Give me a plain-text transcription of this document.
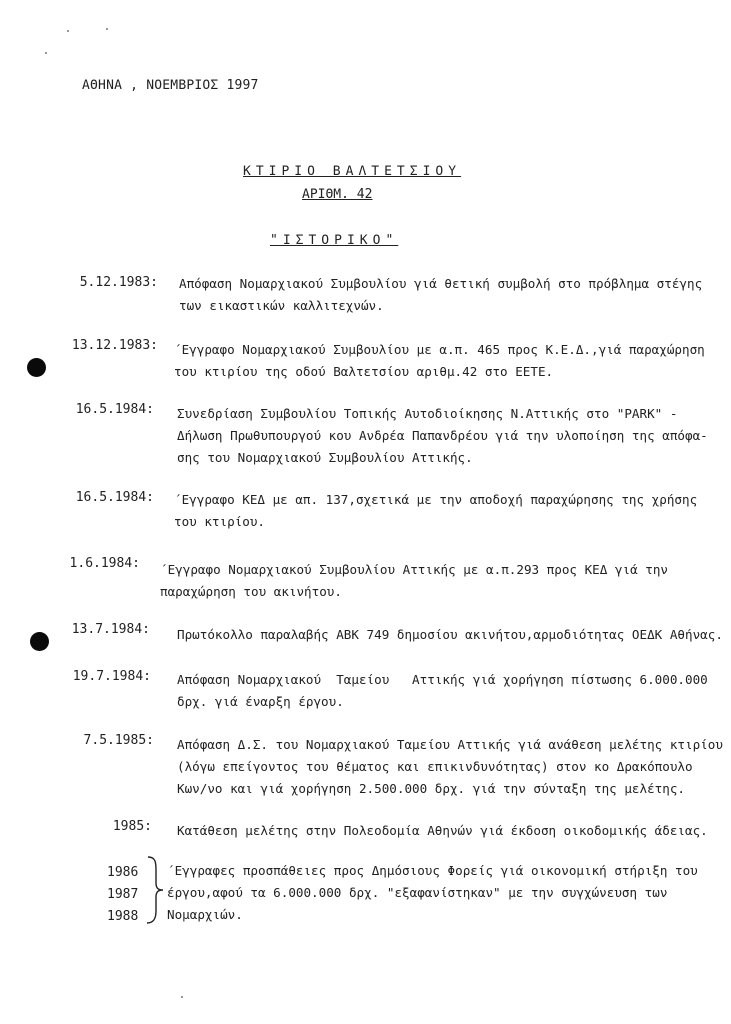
ΑΘΗΝΑ , ΝΟΕΜΒΡΙΟΣ 1997
ΚΤΙΡΙΟ ΒΑΛΤΕΤΣΙΟΥ
ΑΡΙΘΜ. 42
"ΙΣΤΟΡΙΚΟ"
5.12.1983: Απόφαση Νομαρχιακού Συμβουλίου γιά θετική συμβολή στο πρόβλημα στέγης
των εικαστικών καλλιτεχνών.
13.12.1983: ΄Εγγραφο Νομαρχιακού Συμβουλίου με α.π. 465 προς Κ.Ε.Δ.,γιά παραχώρηση
του κτιρίου της οδού Βαλτετσίου αριθμ.42 στο ΕΕΤΕ.
16.5.1984: Συνεδρίαση Συμβουλίου Τοπικής Αυτοδιοίκησης Ν.Αττικής στο "PARK" -
Δήλωση Πρωθυπουργού κου Ανδρέα Παπανδρέου γιά την υλοποίηση της απόφα-
σης του Νομαρχιακού Συμβουλίου Αττικής.
16.5.1984: ΄Εγγραφο ΚΕΔ με απ. 137,σχετικά με την αποδοχή παραχώρησης της χρήσης
του κτιρίου.
1.6.1984: ΄Εγγραφο Νομαρχιακού Συμβουλίου Αττικής με α.π.293 προς ΚΕΔ γιά την
παραχώρηση του ακινήτου.
13.7.1984: Πρωτόκολλο παραλαβής ΑΒΚ 749 δημοσίου ακινήτου,αρμοδιότητας ΟΕΔΚ Αθήνας.
19.7.1984: Απόφαση Νομαρχιακού  Ταμείου   Αττικής γιά χορήγηση πίστωσης 6.000.000
δρχ. γιά έναρξη έργου.
7.5.1985: Απόφαση Δ.Σ. του Νομαρχιακού Ταμείου Αττικής γιά ανάθεση μελέτης κτιρίου
(λόγω επείγοντος του θέματος και επικινδυνότητας) στον κο Δρακόπουλο
Κων/νο και γιά χορήγηση 2.500.000 δρχ. γιά την σύνταξη της μελέτης.
1985: Κατάθεση μελέτης στην Πολεοδομία Αθηνών γιά έκδοση οικοδομικής άδειας.
1986
1987
1988
΄Εγγραφες προσπάθειες προς Δημόσιους Φορείς γιά οικονομική στήριξη του
έργου,αφού τα 6.000.000 δρχ. "εξαφανίστηκαν" με την συγχώνευση των
Νομαρχιών.
